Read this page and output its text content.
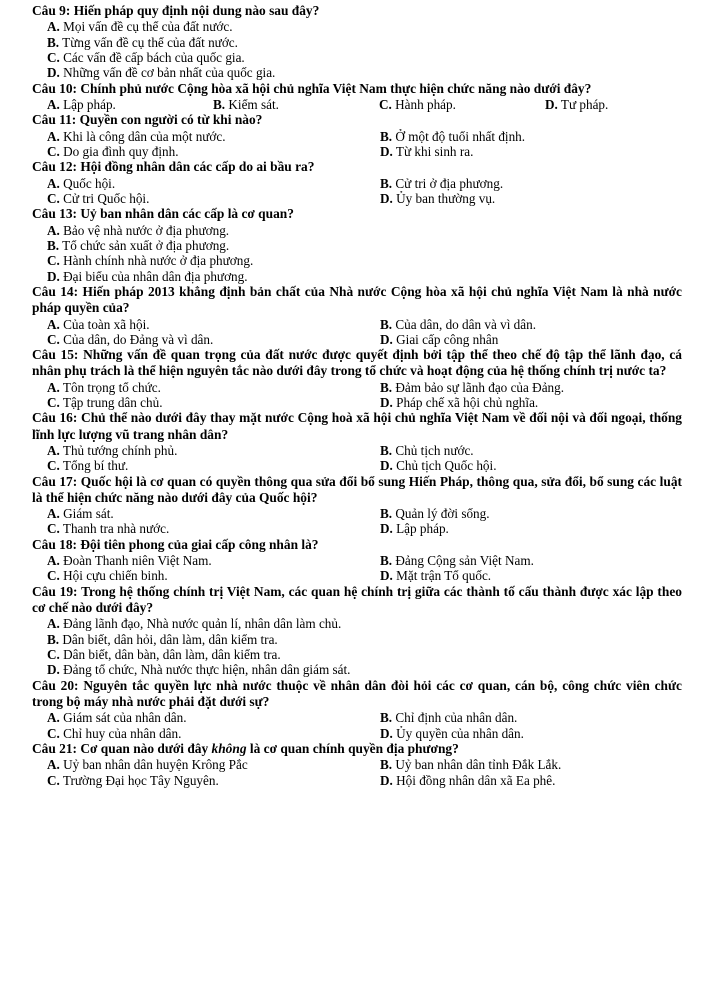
Câu 9: Hiến pháp quy định nội dung nào sau đây?
A. Mọi vấn đề cụ thể của đất nước.
B. Từng vấn đề cụ thể của đất nước.
C. Các vấn đề cấp bách của quốc gia.
D. Những vấn đề cơ bản nhất của quốc gia.
Câu 10: Chính phủ nước Cộng hòa xã hội chủ nghĩa Việt Nam thực hiện chức năng nào dưới đây?
A. Lập pháp.	B. Kiểm sát.	C. Hành pháp.	D. Tư pháp.
Câu 11: Quyền con người có từ khi nào?
A. Khi là công dân của một nước.	B. Ở một độ tuổi nhất định.
C. Do gia đình quy định.	D. Từ khi sinh ra.
Câu 12: Hội đồng nhân dân các cấp do ai bầu ra?
A. Quốc hội.	B. Cử tri ở địa phương.
C. Cử tri Quốc hội.	D. Ủy ban thường vụ.
Câu 13: Uỷ ban nhân dân các cấp là cơ quan?
A. Bảo vệ nhà nước ở địa phương.
B. Tổ chức sản xuất ở địa phương.
C. Hành chính nhà nước ở địa phương.
D. Đại biểu của nhân dân địa phương.
Câu 14: Hiến pháp 2013 khẳng định bản chất của Nhà nước Cộng hòa xã hội chủ nghĩa Việt Nam là nhà nước pháp quyền của?
A. Của toàn xã hội.	B. Của dân, do dân và vì dân.
C. Của dân, do Đảng và vì dân.	D. Giai cấp công nhân
Câu 15: Những vấn đề quan trọng của đất nước được quyết định bởi tập thể theo chế độ tập thể lãnh đạo, cá nhân phụ trách là thể hiện nguyên tắc nào dưới đây trong tổ chức và hoạt động của hệ thống chính trị nước ta?
A. Tôn trọng tổ chức.	B. Đảm bảo sự lãnh đạo của Đảng.
C. Tập trung dân chủ.	D. Pháp chế xã hội chủ nghĩa.
Câu 16: Chủ thể nào dưới đây thay mặt nước Cộng hoà xã hội chủ nghĩa Việt Nam về đối nội và đối ngoại, thống lĩnh lực lượng vũ trang nhân dân?
A. Thủ tướng chính phủ.	B. Chủ tịch nước.
C. Tổng bí thư.	D. Chủ tịch Quốc hội.
Câu 17: Quốc hội là cơ quan có quyền thông qua sửa đổi bổ sung Hiến Pháp, thông qua, sửa đổi, bổ sung các luật là thể hiện chức năng nào dưới đây của Quốc hội?
A. Giám sát.	B. Quản lý đời sống.
C. Thanh tra nhà nước.	D. Lập pháp.
Câu 18: Đội tiên phong của giai cấp công nhân là?
A. Đoàn Thanh niên Việt Nam.	B. Đảng Cộng sản Việt Nam.
C. Hội cựu chiến binh.	D. Mặt trận Tổ quốc.
Câu 19: Trong hệ thống chính trị Việt Nam, các quan hệ chính trị giữa các thành tố cấu thành được xác lập theo cơ chế nào dưới đây?
A. Đảng lãnh đạo, Nhà nước quản lí, nhân dân làm chủ.
B. Dân biết, dân hỏi, dân làm, dân kiểm tra.
C. Dân biết, dân bàn, dân làm, dân kiểm tra.
D. Đảng tổ chức, Nhà nước thực hiện, nhân dân giám sát.
Câu 20: Nguyên tắc quyền lực nhà nước thuộc về nhân dân đòi hỏi các cơ quan, cán bộ, công chức viên chức trong bộ máy nhà nước phải đặt dưới sự?
A. Giám sát của nhân dân.	B. Chỉ định của nhân dân.
C. Chỉ huy của nhân dân.	D. Ủy quyền của nhân dân.
Câu 21: Cơ quan nào dưới đây không là cơ quan chính quyền địa phương?
A. Uỷ ban nhân dân huyện Krông Pắc	B. Uỷ ban nhân dân tỉnh Đắk Lắk.
C. Trường Đại học Tây Nguyên.	D. Hội đồng nhân dân xã Ea phê.
